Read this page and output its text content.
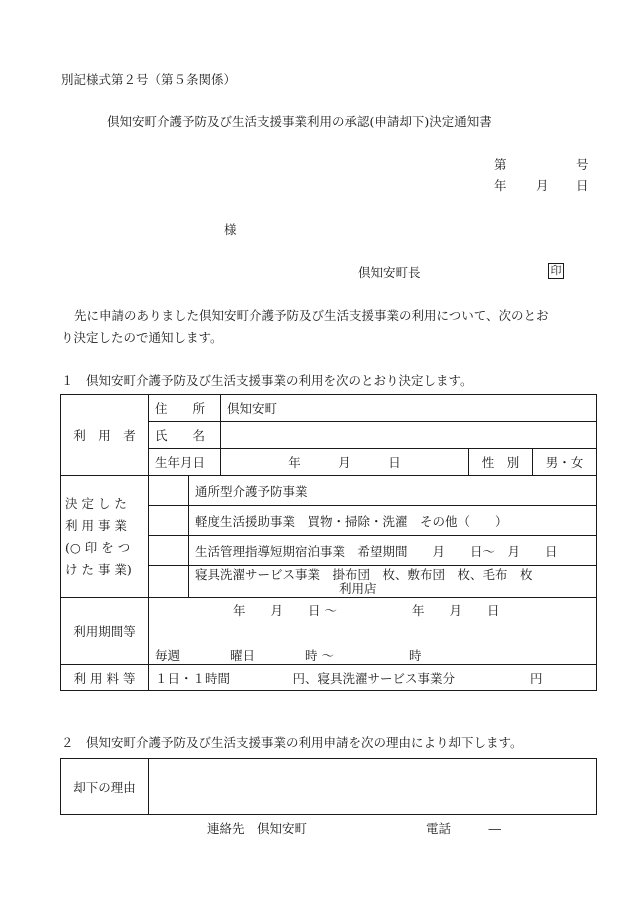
別記様式第２号（第５条関係）
倶知安町介護予防及び生活支援事業利用の承認(申請却下)決定通知書
第	号
年 月 日
様
倶知安町長	印
先に申請のありました倶知安町介護予防及び生活支援事業の利用について、次のとお
り決定したので通知します。
１　倶知安町介護予防及び生活支援事業の利用を次のとおり決定します。
利　用　者	住　　所		倶知安町		
	氏　　名				
	生年月日		年　　　月　　　日	性　別	男・女

決 定 し た
利 用 事 業
(○ 印 を つ
け た 事 業)		通所型介護予防事業			
		軽度生活援助事業　買物・掃除・洗濯　その他（　　）			
		生活管理指導短期宿泊事業　希望期間　　月　　日～　月　　日			

		寝具洗濯サービス事業　掛布団　枚、敷布団　枚、毛布　枚
利用店			

利用期間等	年　　月　　日 ～　　　　　　年　　月　　日
毎週　　　　曜日　　　　時 ～　　　　　　時				

利 用 料 等	１日・１時間　　　　　円、寝具洗濯サービス事業分　　　　　　円				
２　倶知安町介護予防及び生活支援事業の利用申請を次の理由により却下します。
却下の理由	
連絡先　倶知安町	電話　　　―
